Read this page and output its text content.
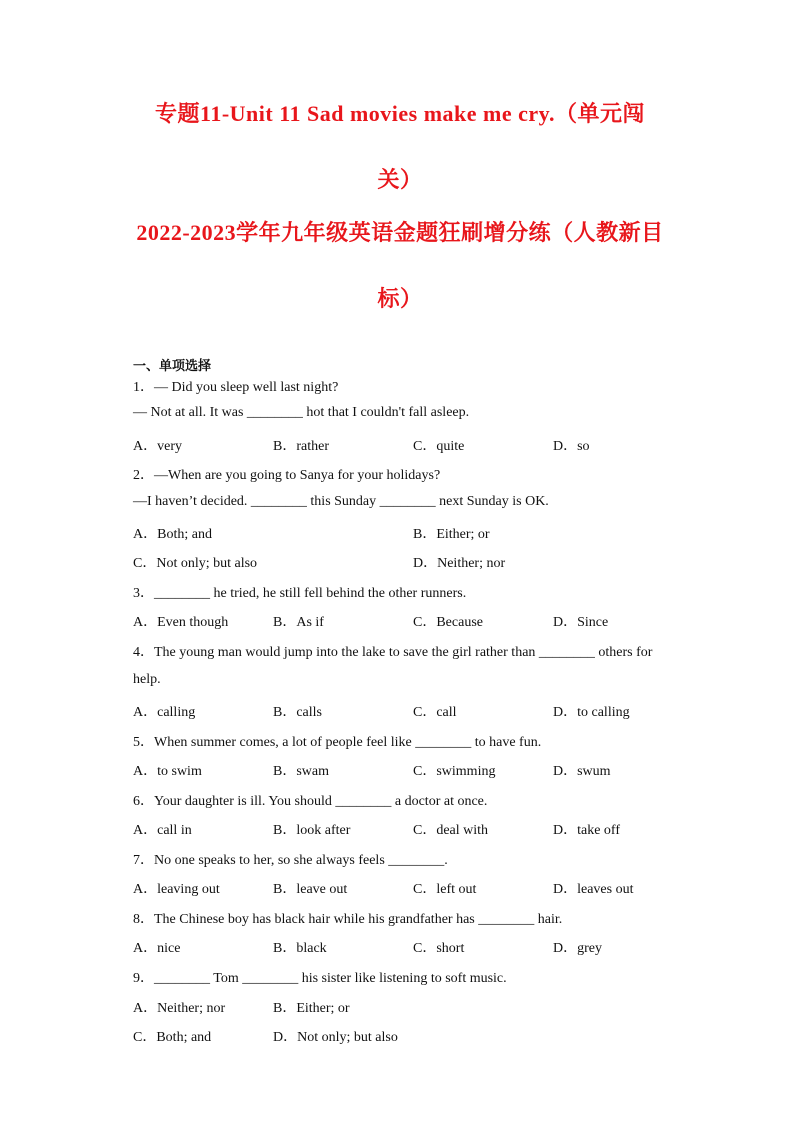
专题11-Unit 11 Sad movies make me cry.（单元闯
关）
2022-2023学年九年级英语金题狂刷增分练（人教新目
标）
一、单项选择
1．— Did you sleep well last night?
— Not at all. It was ________ hot that I couldn't fall asleep.
A．very	B．rather	C．quite	D．so
2．—When are you going to Sanya for your holidays?
—I haven’t decided. ________ this Sunday ________ next Sunday is OK.
A．Both; and	B．Either; or
C．Not only; but also	D．Neither; nor
3．________ he tried, he still fell behind the other runners.
A．Even though	B．As if	C．Because	D．Since
4．The young man would jump into the lake to save the girl rather than ________ others for
help.
A．calling	B．calls	C．call	D．to calling
5．When summer comes, a lot of people feel like ________ to have fun.
A．to swim	B．swam	C．swimming	D．swum
6．Your daughter is ill. You should ________ a doctor at once.
A．call in	B．look after	C．deal with	D．take off
7．No one speaks to her, so she always feels ________.
A．leaving out	B．leave out	C．left out	D．leaves out
8．The Chinese boy has black hair while his grandfather has ________ hair.
A．nice	B．black	C．short	D．grey
9．________ Tom ________ his sister like listening to soft music.
A．Neither; nor	B．Either; or
C．Both; and	D．Not only; but also
